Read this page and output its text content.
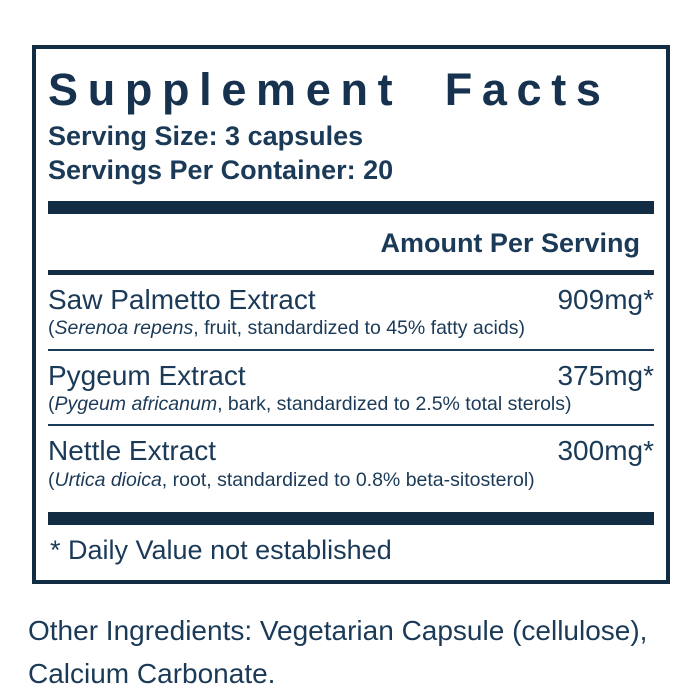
Supplement Facts
Serving Size: 3 capsules
Servings Per Container: 20
Amount Per Serving
Saw Palmetto Extract	909mg*
(Serenoa repens, fruit, standardized to 45% fatty acids)
Pygeum Extract	375mg*
(Pygeum africanum, bark, standardized to 2.5% total sterols)
Nettle Extract	300mg*
(Urtica dioica, root, standardized to 0.8% beta-sitosterol)
* Daily Value not established
Other Ingredients: Vegetarian Capsule (cellulose),
Calcium Carbonate.
